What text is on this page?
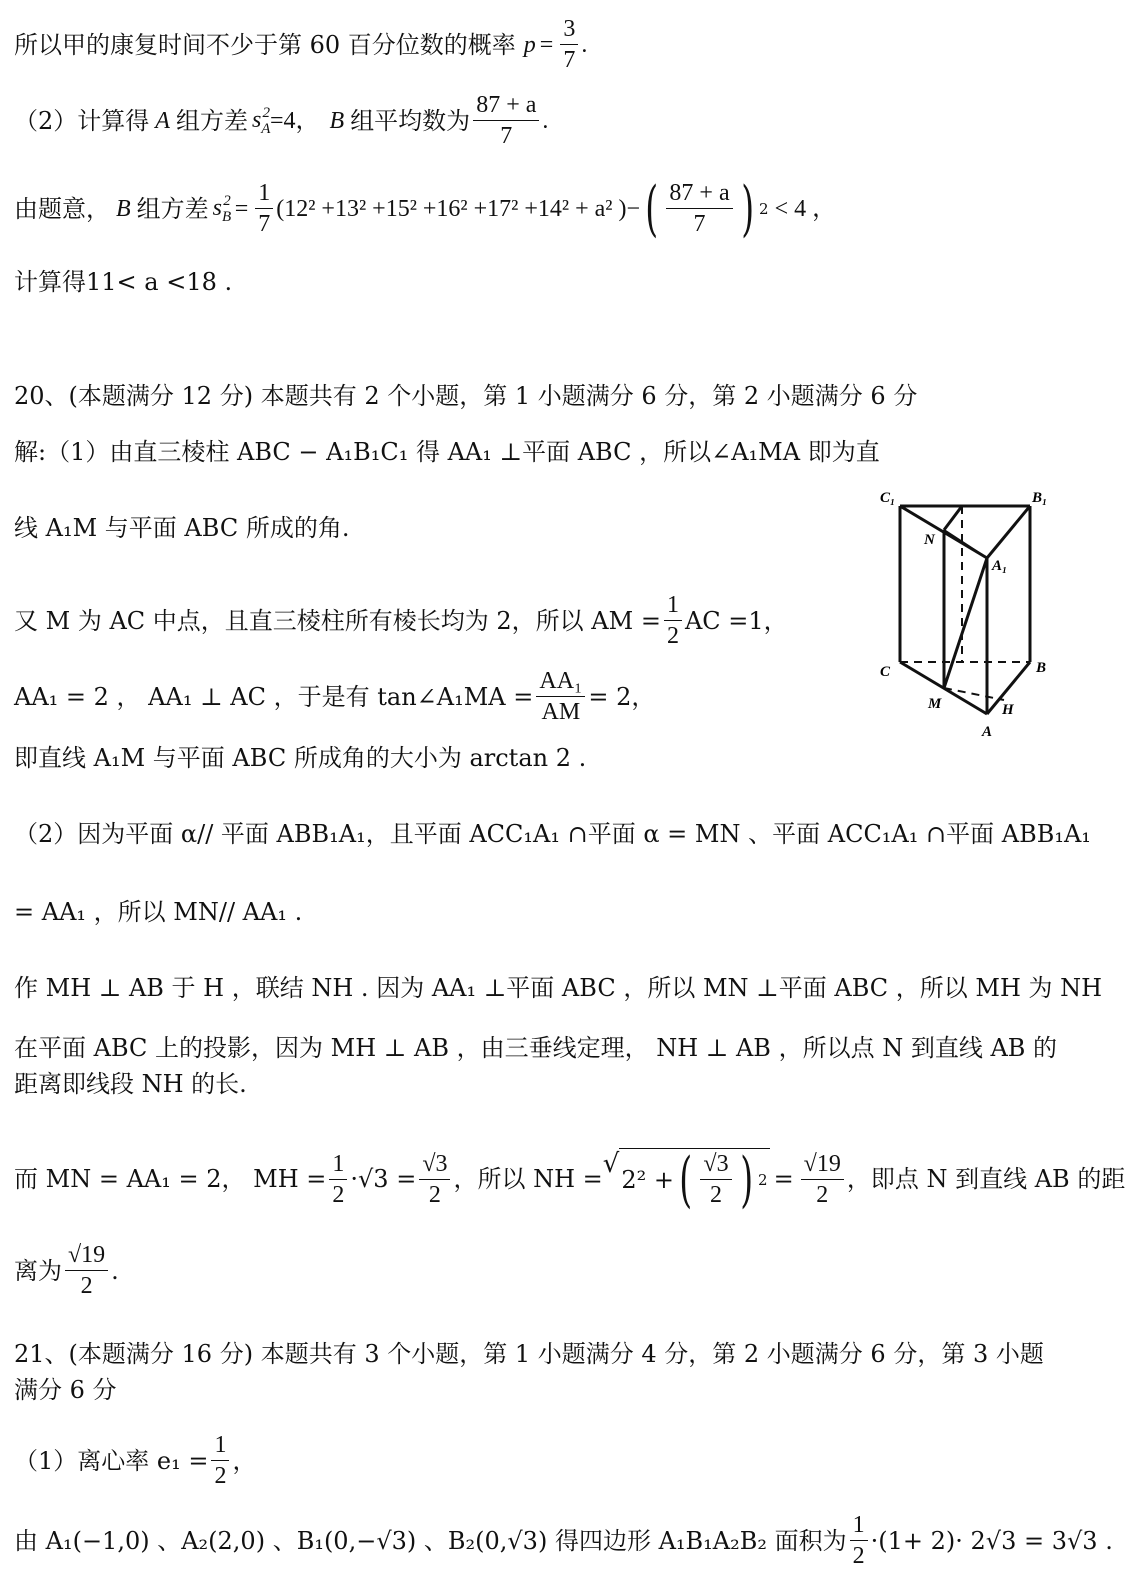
所以甲的康复时间不少于第 60 百分位数的概率 $p = \frac{3}{7}$ .
（2）计算得 A 组方差 $s_A^2 =4$， B 组平均数为 $\frac{87 + a}{7}$ .
由题意， B 组方差 $s_B^2 = \frac{1}{7} (12^2 +13^2 +15^2 +16^2 +17^2 +14^2 + a^2$ )− ( $\frac{87 + a}{7}$ ) 2 < 4 ，
计算得11< a <18 .
20、(本题满分 12 分) 本题共有 2 个小题，第 1 小题满分 6 分，第 2 小题满分 6 分
解:（1）由直三棱柱 ABC − A₁B₁C₁ 得 AA₁ ⊥平面 ABC ，所以∠A₁MA 即为直
线 A₁M 与平面 ABC 所成的角.
又 M 为 AC 中点，且直三棱柱所有棱长均为 2，所以 AM = $\frac{1}{2}$ AC =1，
AA₁ = 2 ， AA₁ ⊥ AC ，于是有 tan∠A₁MA = $\frac{\text{AA₁}}{AM} = 2$，
即直线 A₁M 与平面 ABC 所成角的大小为 arctan 2 .
C₁	B₁
N
A₁
C	B
M	H
A
（2）因为平面 α// 平面 ABB₁A₁，且平面 ACC₁A₁ ∩平面 α = MN 、平面 ACC₁A₁ ∩平面 ABB₁A₁
= AA₁ ，所以 MN// AA₁ .
作 MH ⊥ AB 于 H ，联结 NH . 因为 AA₁ ⊥平面 ABC ，所以 MN ⊥平面 ABC ，所以 MH 为 NH
在平面 ABC 上的投影，因为 MH ⊥ AB ，由三垂线定理， NH ⊥ AB ，所以点 N 到直线 AB 的
距离即线段 NH 的长.
而 MN = AA₁ = 2， MH = $\frac{1}{2} \cdot√3 = \frac{√3}{2}$ ，所以 NH = √
2² + ( $\frac{√3}{2}$ ) $2 = \frac{√19}{2}$ ，即点 N 到直线 AB 的距
离为 $\frac{√19}{2}$ .
21、(本题满分 16 分) 本题共有 3 个小题，第 1 小题满分 4 分，第 2 小题满分 6 分，第 3 小题
满分 6 分
（1）离心率 $e_1 = \frac{1}{2}$ ，
由 A₁(−1,0) 、A₂(2,0) 、B₁(0,−√3) 、B₂(0,√3) 得四边形 A₁B₁A₂B₂ 面积为 $\frac{1}{2} \cdot(1+ 2)\cdot 2√3 = 3√3$ .
